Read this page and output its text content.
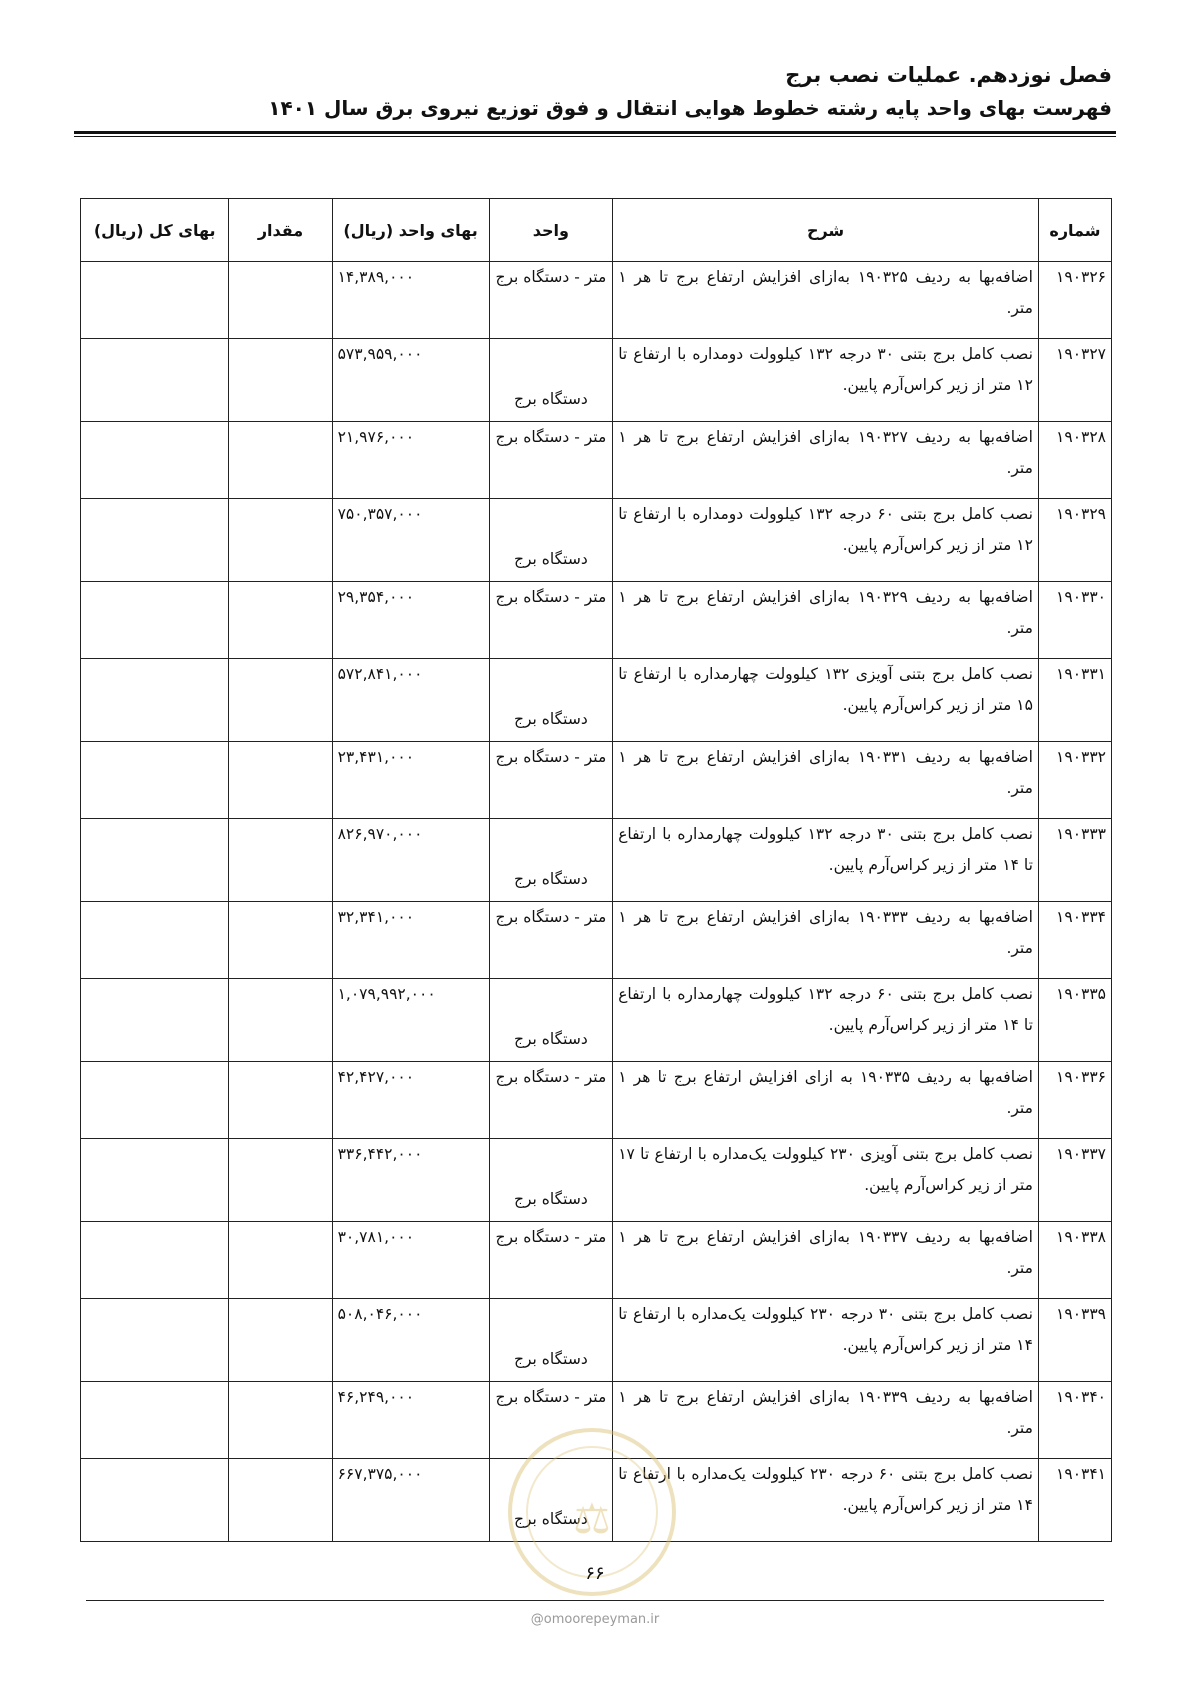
فصل نوزدهم. عملیات نصب برج
فهرست بهای واحد پایه رشته خطوط هوایی انتقال و فوق توزیع نیروی برق سال ۱۴۰۱
شماره	شرح	واحد	بهای واحد (ریال)	مقدار	بهای کل (ریال)
۱۹۰۳۲۶	اضافه‌بها به ردیف ۱۹۰۳۲۵ به‌ازای افزایش ارتفاع برج تا هر ۱ متر.	متر - دستگاه برج	۱۴,۳۸۹,۰۰۰		
۱۹۰۳۲۷	نصب کامل برج بتنی ۳۰ درجه ۱۳۲ کیلوولت دومداره با ارتفاع تا ۱۲ متر از زیر کراس‌آرم پایین.	دستگاه برج	۵۷۳,۹۵۹,۰۰۰		
۱۹۰۳۲۸	اضافه‌بها به ردیف ۱۹۰۳۲۷ به‌ازای افزایش ارتفاع برج تا هر ۱ متر.	متر - دستگاه برج	۲۱,۹۷۶,۰۰۰		
۱۹۰۳۲۹	نصب کامل برج بتنی ۶۰ درجه ۱۳۲ کیلوولت دومداره با ارتفاع تا ۱۲ متر از زیر کراس‌آرم پایین.	دستگاه برج	۷۵۰,۳۵۷,۰۰۰		
۱۹۰۳۳۰	اضافه‌بها به ردیف ۱۹۰۳۲۹ به‌ازای افزایش ارتفاع برج تا هر ۱ متر.	متر - دستگاه برج	۲۹,۳۵۴,۰۰۰		
۱۹۰۳۳۱	نصب کامل برج بتنی آویزی ۱۳۲ کیلوولت چهارمداره با ارتفاع تا ۱۵ متر از زیر کراس‌آرم پایین.	دستگاه برج	۵۷۲,۸۴۱,۰۰۰		
۱۹۰۳۳۲	اضافه‌بها به ردیف ۱۹۰۳۳۱ به‌ازای افزایش ارتفاع برج تا هر ۱ متر.	متر - دستگاه برج	۲۳,۴۳۱,۰۰۰		
۱۹۰۳۳۳	نصب کامل برج بتنی ۳۰ درجه ۱۳۲ کیلوولت چهارمداره با ارتفاع تا ۱۴ متر از زیر کراس‌آرم پایین.	دستگاه برج	۸۲۶,۹۷۰,۰۰۰		
۱۹۰۳۳۴	اضافه‌بها به ردیف ۱۹۰۳۳۳ به‌ازای افزایش ارتفاع برج تا هر ۱ متر.	متر - دستگاه برج	۳۲,۳۴۱,۰۰۰		
۱۹۰۳۳۵	نصب کامل برج بتنی ۶۰ درجه ۱۳۲ کیلوولت چهارمداره با ارتفاع تا ۱۴ متر از زیر کراس‌آرم پایین.	دستگاه برج	۱,۰۷۹,۹۹۲,۰۰۰		
۱۹۰۳۳۶	اضافه‌بها به ردیف ۱۹۰۳۳۵ به ازای افزایش ارتفاع برج تا هر ۱ متر.	متر - دستگاه برج	۴۲,۴۲۷,۰۰۰		
۱۹۰۳۳۷	نصب کامل برج بتنی آویزی ۲۳۰ کیلوولت یک‌مداره با ارتفاع تا ۱۷ متر از زیر کراس‌آرم پایین.	دستگاه برج	۳۳۶,۴۴۲,۰۰۰		
۱۹۰۳۳۸	اضافه‌بها به ردیف ۱۹۰۳۳۷ به‌ازای افزایش ارتفاع برج تا هر ۱ متر.	متر - دستگاه برج	۳۰,۷۸۱,۰۰۰		
۱۹۰۳۳۹	نصب کامل برج بتنی ۳۰ درجه ۲۳۰ کیلوولت یک‌مداره با ارتفاع تا ۱۴ متر از زیر کراس‌آرم پایین.	دستگاه برج	۵۰۸,۰۴۶,۰۰۰		
۱۹۰۳۴۰	اضافه‌بها به ردیف ۱۹۰۳۳۹ به‌ازای افزایش ارتفاع برج تا هر ۱ متر.	متر - دستگاه برج	۴۶,۲۴۹,۰۰۰		
۱۹۰۳۴۱	نصب کامل برج بتنی ۶۰ درجه ۲۳۰ کیلوولت یک‌مداره با ارتفاع تا ۱۴ متر از زیر کراس‌آرم پایین.	دستگاه برج	۶۶۷,۳۷۵,۰۰۰		
⚖
۶۶
@omoorepeyman.ir
